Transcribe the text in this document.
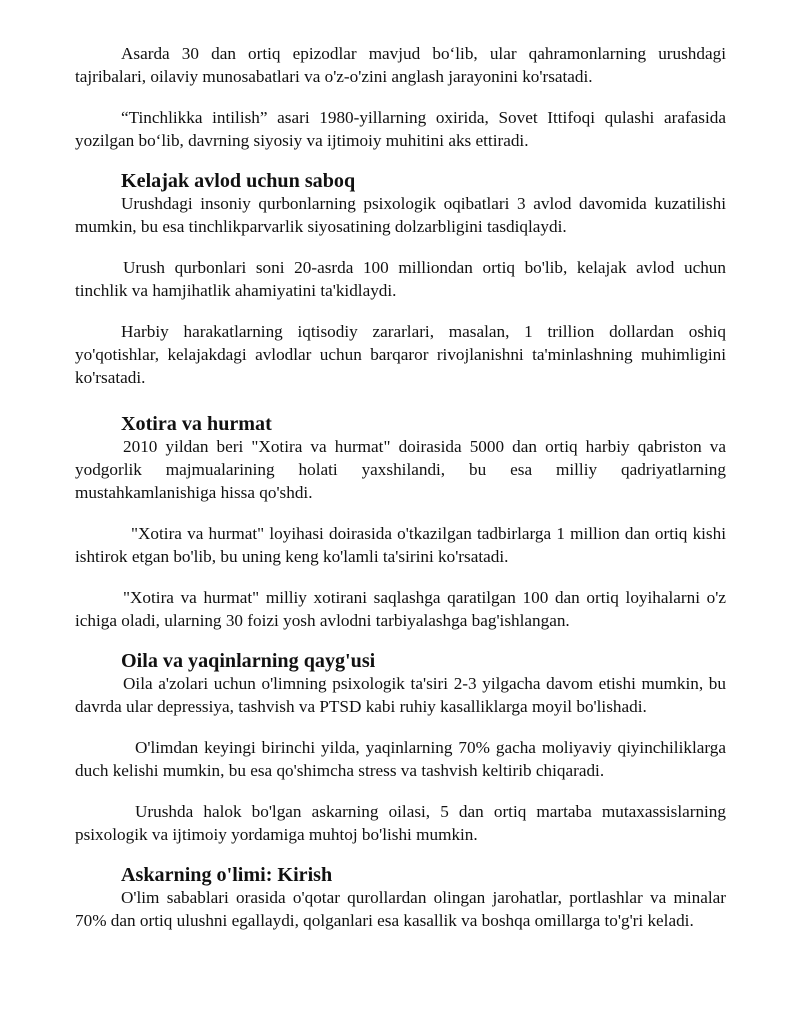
Asarda 30 dan ortiq epizodlar mavjud bo‘lib, ular qahramonlarning urushdagi tajribalari, oilaviy munosabatlari va o'z-o'zini anglash jarayonini ko'rsatadi.

“Tinchlikka intilish” asari 1980-yillarning oxirida, Sovet Ittifoqi qulashi arafasida yozilgan bo‘lib, davrning siyosiy va ijtimoiy muhitini aks ettiradi.

Kelajak avlod uchun saboq

Urushdagi insoniy qurbonlarning psixologik oqibatlari 3 avlod davomida kuzatilishi mumkin, bu esa tinchlikparvarlik siyosatining dolzarbligini tasdiqlaydi.

Urush qurbonlari soni 20-asrda 100 milliondan ortiq bo'lib, kelajak avlod uchun tinchlik va hamjihatlik ahamiyatini ta'kidlaydi.

Harbiy harakatlarning iqtisodiy zararlari, masalan, 1 trillion dollardan oshiq yo'qotishlar, kelajakdagi avlodlar uchun barqaror rivojlanishni ta'minlashning muhimligini ko'rsatadi.

Xotira va hurmat

2010 yildan beri "Xotira va hurmat" doirasida 5000 dan ortiq harbiy qabriston va yodgorlik majmualarining holati yaxshilandi, bu esa milliy qadriyatlarning mustahkamlanishiga hissa qo'shdi.

"Xotira va hurmat" loyihasi doirasida o'tkazilgan tadbirlarga 1 million dan ortiq kishi ishtirok etgan bo'lib, bu uning keng ko'lamli ta'sirini ko'rsatadi.

"Xotira va hurmat" milliy xotirani saqlashga qaratilgan 100 dan ortiq loyihalarni o'z ichiga oladi, ularning 30 foizi yosh avlodni tarbiyalashga bag'ishlangan.

Oila va yaqinlarning qayg'usi

Oila a'zolari uchun o'limning psixologik ta'siri 2-3 yilgacha davom etishi mumkin, bu davrda ular depressiya, tashvish va PTSD kabi ruhiy kasalliklarga moyil bo'lishadi.

O'limdan keyingi birinchi yilda, yaqinlarning 70% gacha moliyaviy qiyinchiliklarga duch kelishi mumkin, bu esa qo'shimcha stress va tashvish keltirib chiqaradi.

Urushda halok bo'lgan askarning oilasi, 5 dan ortiq martaba mutaxassislarning psixologik va ijtimoiy yordamiga muhtoj bo'lishi mumkin.

Askarning o'limi: Kirish

O'lim sabablari orasida o'qotar qurollardan olingan jarohatlar, portlashlar va minalar 70% dan ortiq ulushni egallaydi, qolganlari esa kasallik va boshqa omillarga to'g'ri keladi.
